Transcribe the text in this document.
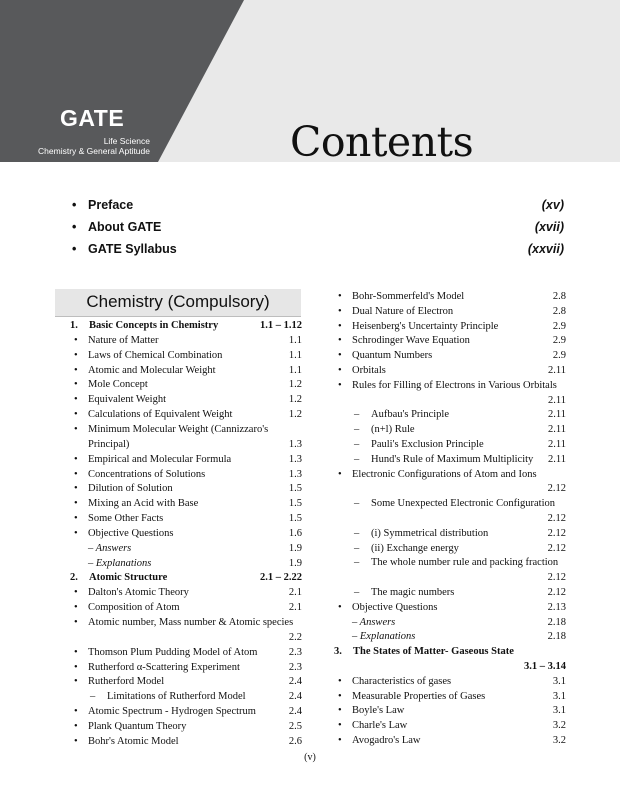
GATE
Life Science
Chemistry & General Aptitude	Contents
• Preface	(xv)
• About GATE	(xvii)
• GATE Syllabus	(xxvii)
Chemistry (Compulsory)
1. Basic Concepts in Chemistry	1.1 – 1.12
• Nature of Matter	1.1
• Laws of Chemical Combination	1.1
• Atomic and Molecular Weight	1.1
• Mole Concept	1.2
• Equivalent Weight	1.2
• Calculations of Equivalent Weight	1.2
• Minimum Molecular Weight (Cannizzaro's
Principal)	1.3
• Empirical and Molecular Formula	1.3
• Concentrations of Solutions	1.3
• Dilution of Solution	1.5
• Mixing an Acid with Base	1.5
• Some Other Facts	1.5
• Objective Questions	1.6
– Answers	1.9
– Explanations	1.9
2. Atomic Structure	2.1 – 2.22
• Dalton's Atomic Theory	2.1
• Composition of Atom	2.1
• Atomic number, Mass number & Atomic species
2.2
• Thomson Plum Pudding Model of Atom	2.3
• Rutherford α-Scattering Experiment	2.3
• Rutherford Model	2.4
– Limitations of Rutherford Model	2.4
• Atomic Spectrum - Hydrogen Spectrum	2.4
• Plank Quantum Theory	2.5
• Bohr's Atomic Model	2.6
• Bohr-Sommerfeld's Model	2.8
• Dual Nature of Electron	2.8
• Heisenberg's Uncertainty Principle	2.9
• Schrodinger Wave Equation	2.9
• Quantum Numbers	2.9
• Orbitals	2.11
• Rules for Filling of Electrons in Various Orbitals
2.11
– Aufbau's Principle	2.11
– (n+l) Rule	2.11
– Pauli's Exclusion Principle	2.11
– Hund's Rule of Maximum Multiplicity 2.11
• Electronic Configurations of Atom and Ions
2.12
– Some Unexpected Electronic Configuration
2.12
– (i) Symmetrical distribution	2.12
– (ii) Exchange energy	2.12
– The whole number rule and packing fraction
2.12
– The magic numbers	2.12
• Objective Questions	2.13
– Answers	2.18
– Explanations	2.18
3. The States of Matter- Gaseous State
3.1 – 3.14
• Characteristics of gases	3.1
• Measurable Properties of Gases	3.1
• Boyle's Law	3.1
• Charle's Law	3.2
• Avogadro's Law	3.2
(v)
